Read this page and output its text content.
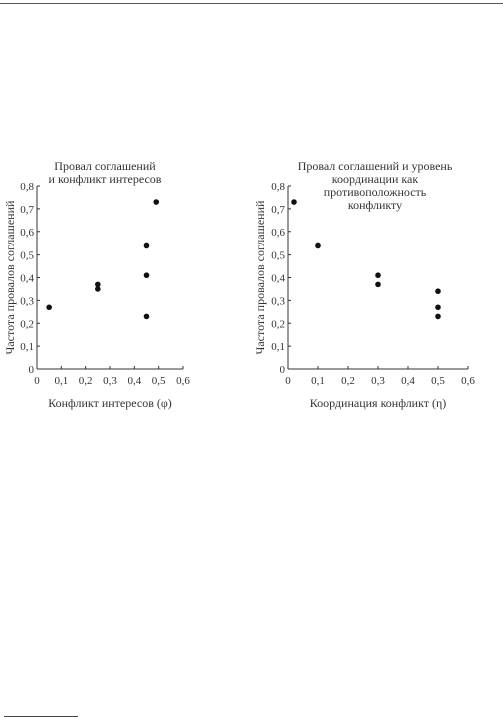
Провал соглашений
и конфликт интересов
Провал соглашений и уровень
координации как противоположность
конфликту
0
0,1
0,2
0,3
0,4
0,5
0,6
0,7
0,8
0 0,1 0,2 0,3 0,4 0,5 0,6
Конфликт интересов (φ)
Частота провалов соглашений
0
0,1
0,2
0,3
0,4
0,5
0,6
0,7
0,8
0 0,1 0,2 0,3 0,4 0,5 0,6
Координация конфликт (η)
Частота провалов соглашений
